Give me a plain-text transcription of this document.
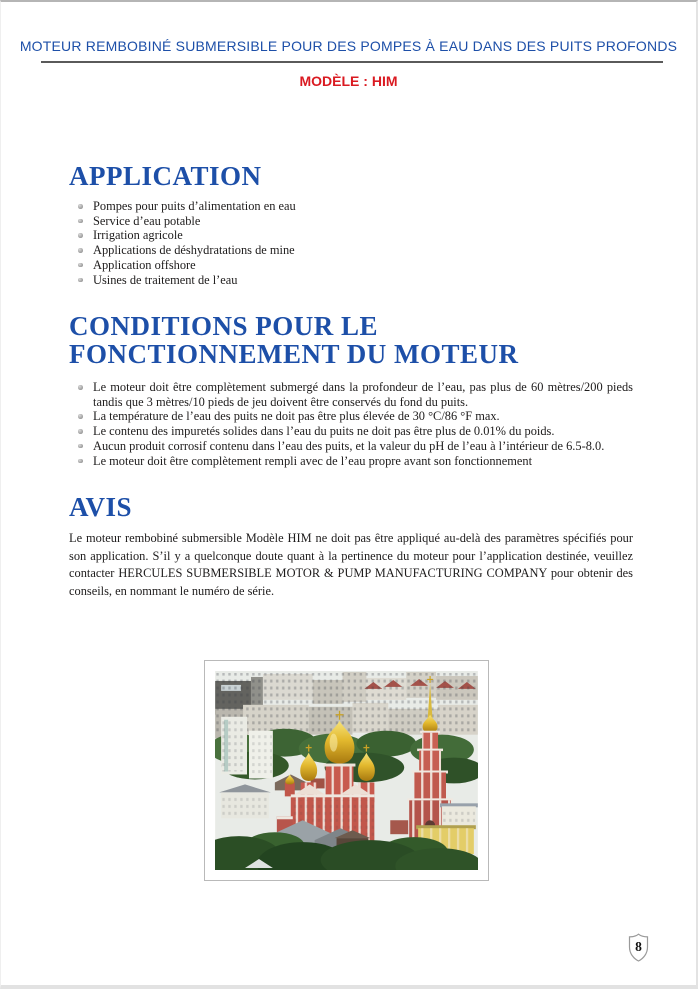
MOTEUR REMBOBINÉ SUBMERSIBLE POUR DES POMPES À EAU DANS DES PUITS PROFONDS
MODÈLE : HIM
APPLICATION
Pompes pour puits d’alimentation en eau
Service d’eau potable
Irrigation agricole
Applications de déshydratations de mine
Application offshore
Usines de traitement de l’eau
CONDITIONS POUR LE FONCTIONNEMENT DU MOTEUR
Le moteur doit être complètement submergé dans la profondeur de l’eau, pas plus de 60 mètres/200 pieds tandis que 3 mètres/10 pieds de jeu doivent être conservés du fond du puits.
La température de l’eau des puits ne doit pas être plus élevée de 30 °C/86 °F max.
Le contenu des impuretés solides dans l’eau du puits ne doit pas être plus de 0.01% du poids.
Aucun produit corrosif contenu dans l’eau des puits, et la valeur du pH de l’eau à l’intérieur de 6.5-8.0.
Le moteur doit être complètement rempli avec de l’eau propre avant son fonctionnement
AVIS

Le moteur rembobiné submersible Modèle HIM ne doit pas être appliqué au-delà des paramètres spécifiés pour son application. S’il y a quelconque doute quant à la pertinence du moteur pour l’application destinée, veuillez contacter HERCULES SUBMERSIBLE MOTOR & PUMP MANUFACTURING COMPANY pour obtenir des conseils, en nommant le numéro de série.

8
